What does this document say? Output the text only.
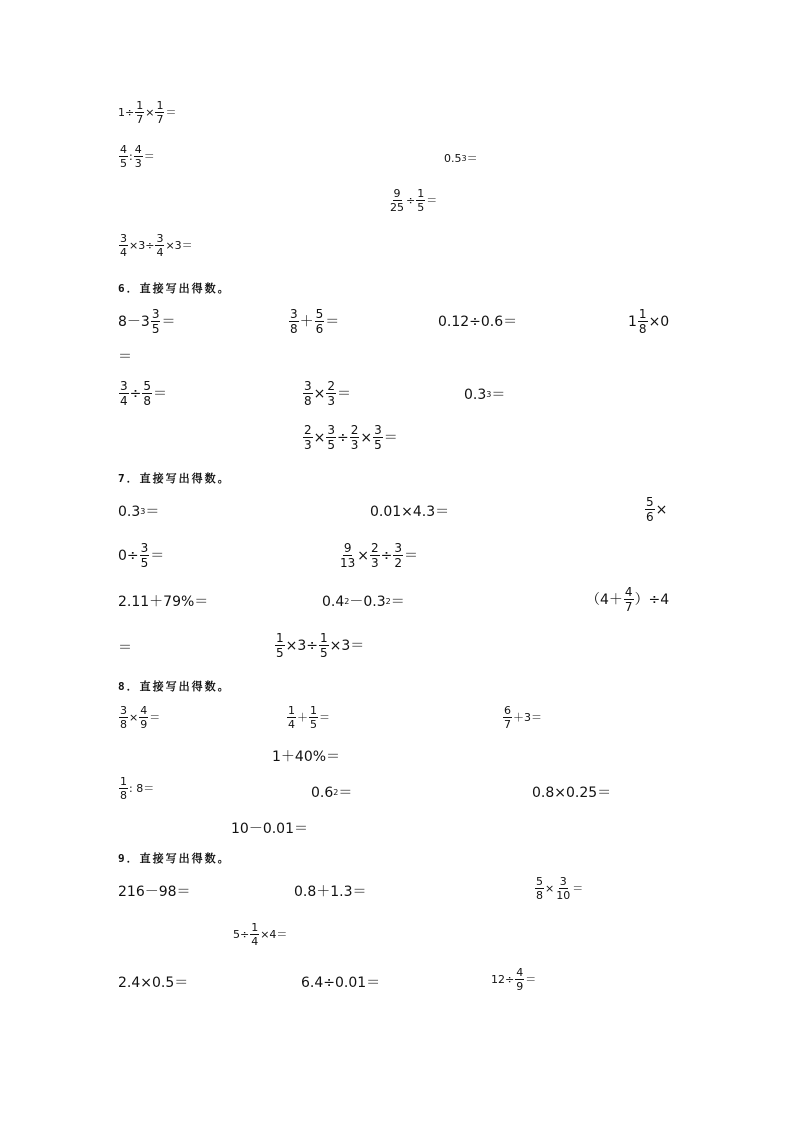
$1\div \frac{1}{7} \times \frac{1}{7}$ ＝
$\frac{4}{5}$ : $\frac{4}{3}$ ＝	0.5 3 ＝
$\frac{9}{25} \div \frac{1}{5}$ ＝
$\frac{3}{4} \times 3\div \frac{3}{4} \times 3=$
6．直接写出得数。
$8-3 \frac{3}{5}$ ＝	$\frac{3}{8} + \frac{5}{6}$ ＝	0.12÷0.6＝	$1 \frac{1}{8} \times 0$
＝
$\frac{3}{4} \div \frac{5}{8}$ ＝	$\frac{3}{8} \times \frac{2}{3}$ ＝	0.3 3 ＝
$\frac{2}{3} \times \frac{3}{5} \div \frac{2}{3} \times \frac{3}{5}$ ＝
7．直接写出得数。
0.3 3 ＝	0.01×4.3＝	$\frac{5}{6}$ ×
$0\div \frac{3}{5}$ ＝	$\frac{9}{13} \times \frac{2}{3} \div \frac{3}{2}$ ＝
2.11＋79%＝	0.4 2 －0.3 2 ＝	$(4+ \frac{4}{7} )\div 4$
＝	$\frac{1}{5} \times 3\div \frac{1}{5} \times 3=$
8．直接写出得数。
$\frac{3}{8} \times \frac{4}{9}$ ＝	$\frac{1}{4} + \frac{1}{5}$ ＝	$\frac{6}{7} +3=$
1＋40%＝
$\frac{1}{8}$ : 8＝	0.6 2 ＝	0.8×0.25＝
10－0.01＝
9．直接写出得数。
216－98＝	0.8＋1.3＝	$\frac{5}{8} \times \frac{3}{10}$ ＝
$5\div \frac{1}{4} \times 4=$
2.4×0.5＝	6.4÷0.01＝	$12\div \frac{4}{9}$ ＝
